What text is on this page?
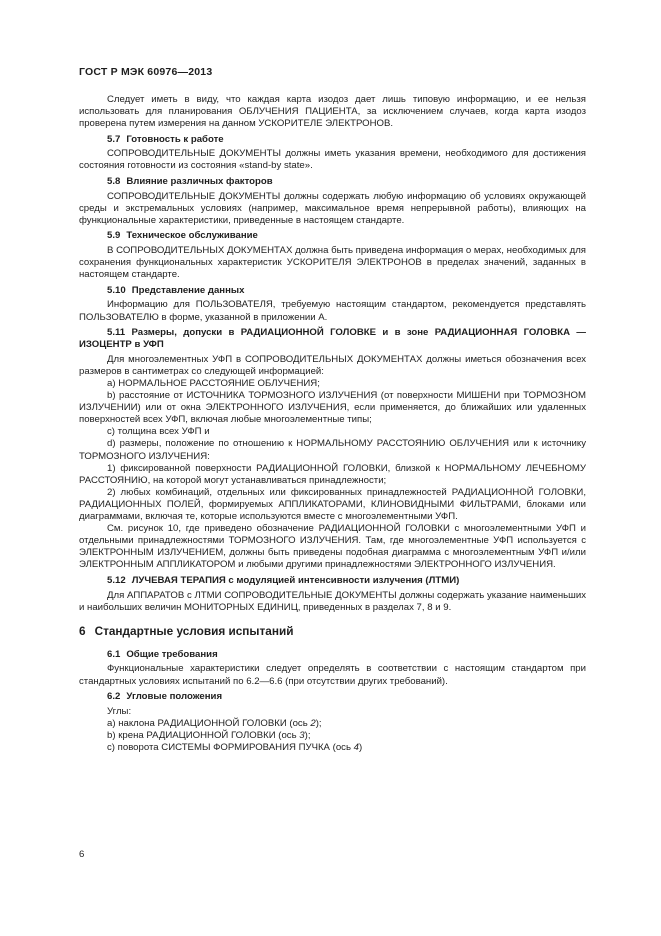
ГОСТ Р МЭК 60976—2013

Следует иметь в виду, что каждая карта изодоз дает лишь типовую информацию, и ее нельзя использовать для планирования ОБЛУЧЕНИЯ ПАЦИЕНТА, за исключением случаев, когда карта изодоз проверена путем измерения на данном УСКОРИТЕЛЕ ЭЛЕКТРОНОВ.

5.7 Готовность к работе

СОПРОВОДИТЕЛЬНЫЕ ДОКУМЕНТЫ должны иметь указания времени, необходимого для достижения состояния готовности из состояния «stand-by state».

5.8 Влияние различных факторов

СОПРОВОДИТЕЛЬНЫЕ ДОКУМЕНТЫ должны содержать любую информацию об условиях окружающей среды и экстремальных условиях (например, максимальное время непрерывной работы), влияющих на функциональные характеристики, приведенные в настоящем стандарте.

5.9 Техническое обслуживание

В СОПРОВОДИТЕЛЬНЫХ ДОКУМЕНТАХ должна быть приведена информация о мерах, необходимых для сохранения функциональных характеристик УСКОРИТЕЛЯ ЭЛЕКТРОНОВ в пределах значений, заданных в настоящем стандарте.

5.10 Представление данных

Информацию для ПОЛЬЗОВАТЕЛЯ, требуемую настоящим стандартом, рекомендуется представлять ПОЛЬЗОВАТЕЛЮ в форме, указанной в приложении А.

5.11 Размеры, допуски в РАДИАЦИОННОЙ ГОЛОВКЕ и в зоне РАДИАЦИОННАЯ ГОЛОВКА — ИЗОЦЕНТР в УФП

Для многоэлементных УФП в СОПРОВОДИТЕЛЬНЫХ ДОКУМЕНТАХ должны иметься обозначения всех размеров в сантиметрах со следующей информацией:

a) НОРМАЛЬНОЕ РАССТОЯНИЕ ОБЛУЧЕНИЯ;

b) расстояние от ИСТОЧНИКА ТОРМОЗНОГО ИЗЛУЧЕНИЯ (от поверхности МИШЕНИ при ТОРМОЗНОМ ИЗЛУЧЕНИИ) или от окна ЭЛЕКТРОННОГО ИЗЛУЧЕНИЯ, если применяется, до ближайших или удаленных поверхностей всех УФП, включая любые многоэлементные типы;

c) толщина всех УФП и

d) размеры, положение по отношению к НОРМАЛЬНОМУ РАССТОЯНИЮ ОБЛУЧЕНИЯ или к источнику ТОРМОЗНОГО ИЗЛУЧЕНИЯ:

1) фиксированной поверхности РАДИАЦИОННОЙ ГОЛОВКИ, близкой к НОРМАЛЬНОМУ ЛЕЧЕБНОМУ РАССТОЯНИЮ, на которой могут устанавливаться принадлежности;

2) любых комбинаций, отдельных или фиксированных принадлежностей РАДИАЦИОННОЙ ГОЛОВКИ, РАДИАЦИОННЫХ ПОЛЕЙ, формируемых АППЛИКАТОРАМИ, КЛИНОВИДНЫМИ ФИЛЬТРАМИ, блоками или диаграммами, включая те, которые используются вместе с многоэлементными УФП.

См. рисунок 10, где приведено обозначение РАДИАЦИОННОЙ ГОЛОВКИ с многоэлементными УФП и отдельными принадлежностями ТОРМОЗНОГО ИЗЛУЧЕНИЯ. Там, где многоэлементные УФП используется с ЭЛЕКТРОННЫМ ИЗЛУЧЕНИЕМ, должны быть приведены подобная диаграмма с многоэлементным УФП и/или ЭЛЕКТРОННЫМ АППЛИКАТОРОМ и любыми другими принадлежностями ЭЛЕКТРОННОГО ИЗЛУЧЕНИЯ.

5.12 ЛУЧЕВАЯ ТЕРАПИЯ с модуляцией интенсивности излучения (ЛТМИ)

Для АППАРАТОВ с ЛТМИ СОПРОВОДИТЕЛЬНЫЕ ДОКУМЕНТЫ должны содержать указание наименьших и наибольших величин МОНИТОРНЫХ ЕДИНИЦ, приведенных в разделах 7, 8 и 9.

6 Стандартные условия испытаний

6.1 Общие требования

Функциональные характеристики следует определять в соответствии с настоящим стандартом при стандартных условиях испытаний по 6.2—6.6 (при отсутствии других требований).

6.2 Угловые положения

Углы:

a) наклона РАДИАЦИОННОЙ ГОЛОВКИ (ось 2);

b) крена РАДИАЦИОННОЙ ГОЛОВКИ (ось 3);

c) поворота СИСТЕМЫ ФОРМИРОВАНИЯ ПУЧКА (ось 4)

6
